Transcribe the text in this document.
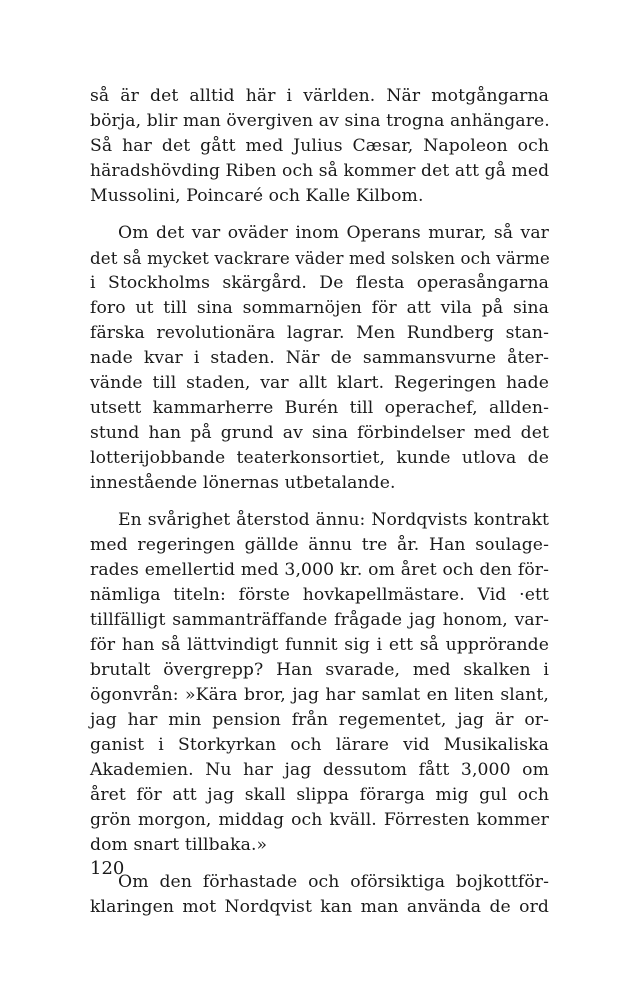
så är det alltid här i världen. När motgångarna
börja, blir man övergiven av sina trogna anhängare.
Så har det gått med Julius Cæsar, Napoleon och
häradshövding Riben och så kommer det att gå med
Mussolini, Poincaré och Kalle Kilbom.
Om det var oväder inom Operans murar, så var
det så mycket vackrare väder med solsken och värme
i Stockholms skärgård. De flesta operasångarna
foro ut till sina sommarnöjen för att vila på sina
färska revolutionära lagrar. Men Rundberg stan-
nade kvar i staden. När de sammansvurne åter-
vände till staden, var allt klart. Regeringen hade
utsett kammarherre Burén till operachef, allden-
stund han på grund av sina förbindelser med det
lotterijobbande teaterkonsortiet, kunde utlova de
innestående lönernas utbetalande.
En svårighet återstod ännu: Nordqvists kontrakt
med regeringen gällde ännu tre år. Han soulage-
rades emellertid med 3,000 kr. om året och den för-
nämliga titeln: förste hovkapellmästare. Vid ·ett
tillfälligt sammanträffande frågade jag honom, var-
för han så lättvindigt funnit sig i ett så upprörande
brutalt övergrepp? Han svarade, med skalken i
ögonvrån: »Kära bror, jag har samlat en liten slant,
jag har min pension från regementet, jag är or-
ganist i Storkyrkan och lärare vid Musikaliska
Akademien. Nu har jag dessutom fått 3,000 om
året för att jag skall slippa förarga mig gul och
grön morgon, middag och kväll. Förresten kommer
dom snart tillbaka.»
Om den förhastade och oförsiktiga bojkottför-
klaringen mot Nordqvist kan man använda de ord
120
